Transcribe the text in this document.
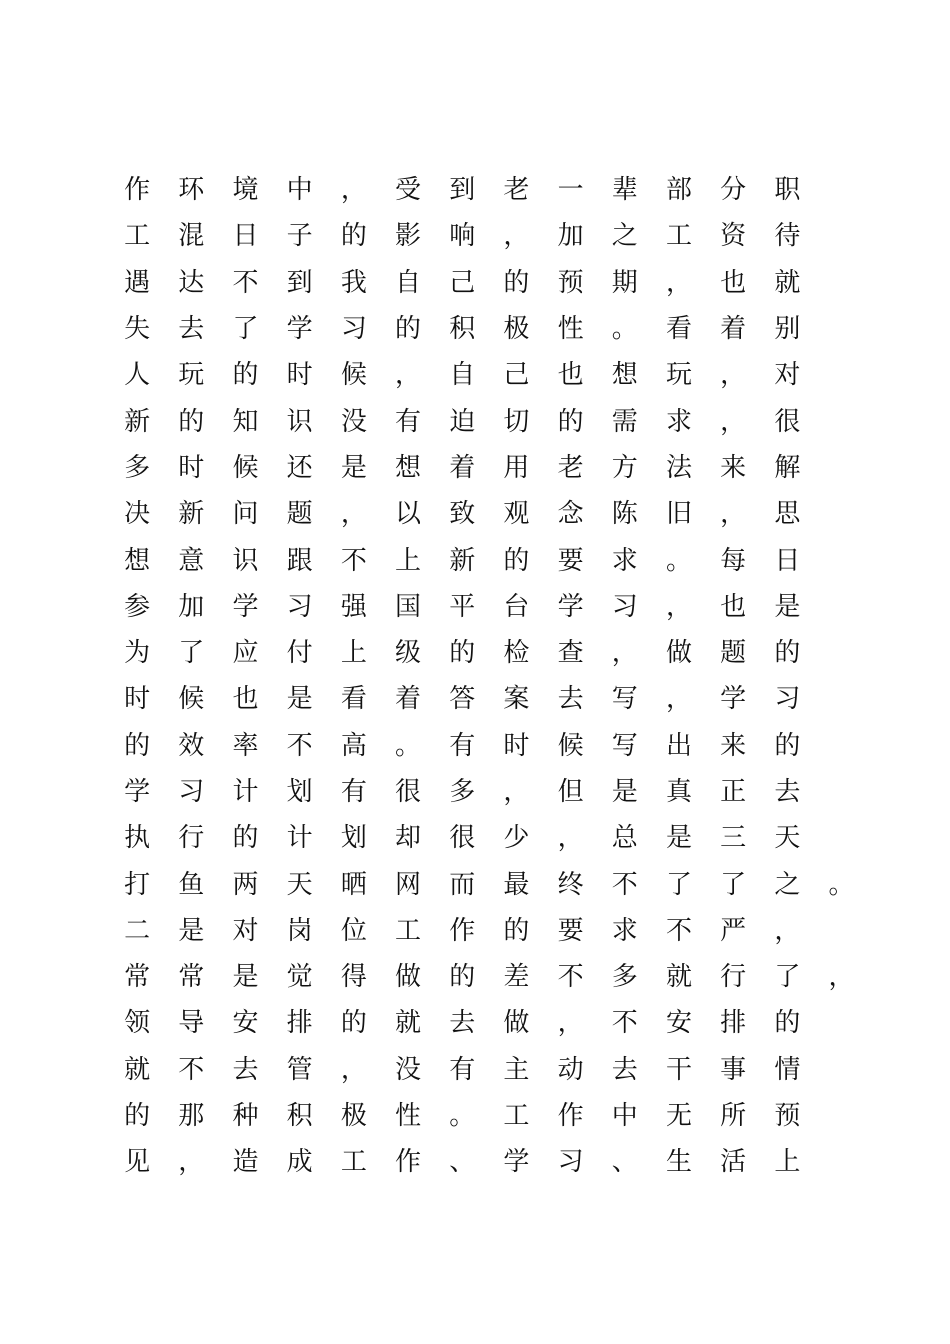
作	环	境	中	，	受	到	老	一	辈	部	分	职
工	混	日	子	的	影	响	，	加	之	工	资	待
遇	达	不	到	我	自	己	的	预	期	，	也	就
失	去	了	学	习	的	积	极	性	。	看	着	别
人	玩	的	时	候	，	自	己	也	想	玩	，	对
新	的	知	识	没	有	迫	切	的	需	求	，	很
多	时	候	还	是	想	着	用	老	方	法	来	解
决	新	问	题	，	以	致	观	念	陈	旧	，	思
想	意	识	跟	不	上	新	的	要	求	。	每	日
参	加	学	习	强	国	平	台	学	习	，	也	是
为	了	应	付	上	级	的	检	查	，	做	题	的
时	候	也	是	看	着	答	案	去	写	，	学	习
的	效	率	不	高	。	有	时	候	写	出	来	的
学	习	计	划	有	很	多	，	但	是	真	正	去
执	行	的	计	划	却	很	少	，	总	是	三	天
打	鱼	两	天	晒	网	而	最	终	不	了	了	之	。
二	是	对	岗	位	工	作	的	要	求	不	严	，
常	常	是	觉	得	做	的	差	不	多	就	行	了	，
领	导	安	排	的	就	去	做	，	不	安	排	的
就	不	去	管	，	没	有	主	动	去	干	事	情
的	那	种	积	极	性	。	工	作	中	无	所	预
见	，	造	成	工	作	、	学	习	、	生	活	上
